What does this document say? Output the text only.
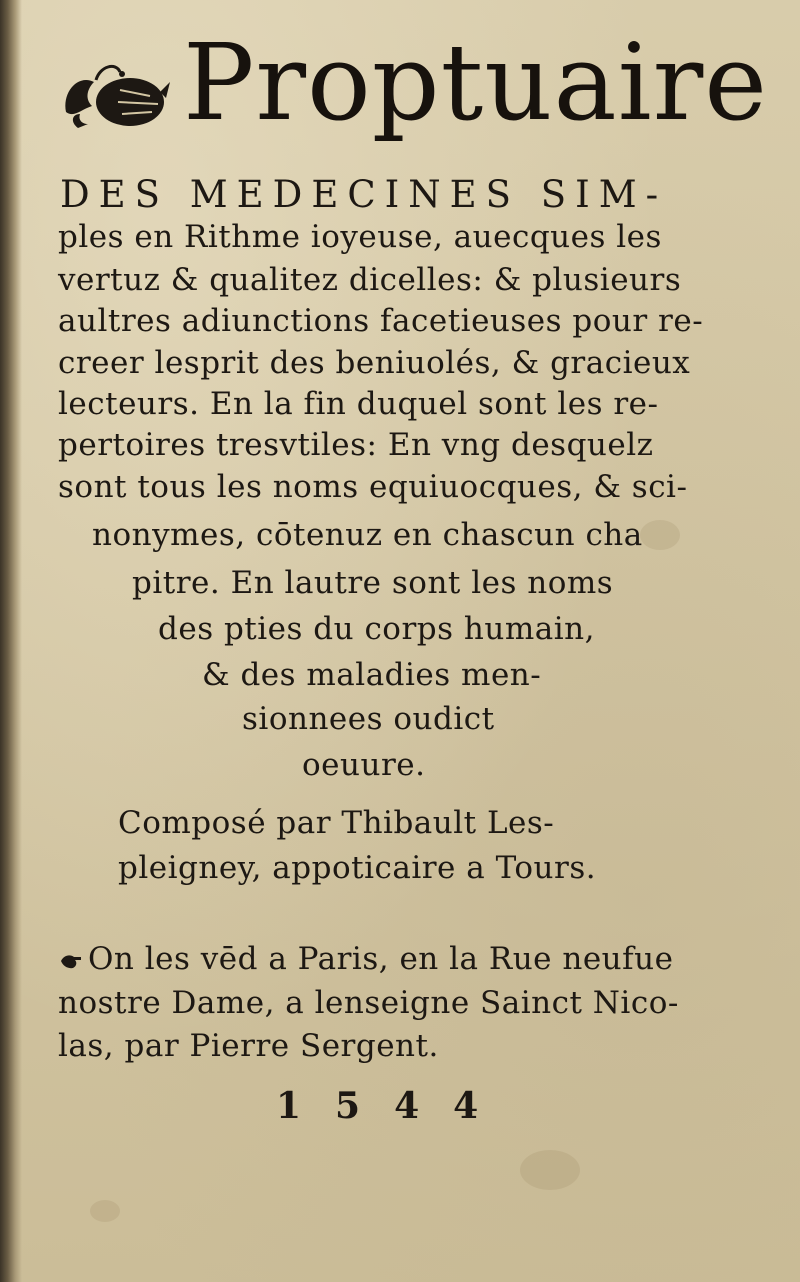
Proptuaire
DES MEDECINES SIM-
ples en Rithme ioyeuse, auecques les
vertuz & qualitez dicelles: & plusieurs
aultres adiunctions facetieuses pour re-
creer lesprit des beniuolés, & gracieux
lecteurs. En la fin duquel sont les re-
pertoires tresvtiles: En vng desquelz
sont tous les noms equiuocques, & sci-
nonymes, cōtenuz en chascun cha
pitre. En lautre sont les noms
des pties du corps humain,
& des maladies men-
sionnees oudict
oeuure.
Composé par Thibault Les-
pleigney, appoticaire a Tours.
On les vēd a Paris, en la Rue neufue
nostre Dame, a lenseigne Sainct Nico-
las, par Pierre Sergent.
1544
